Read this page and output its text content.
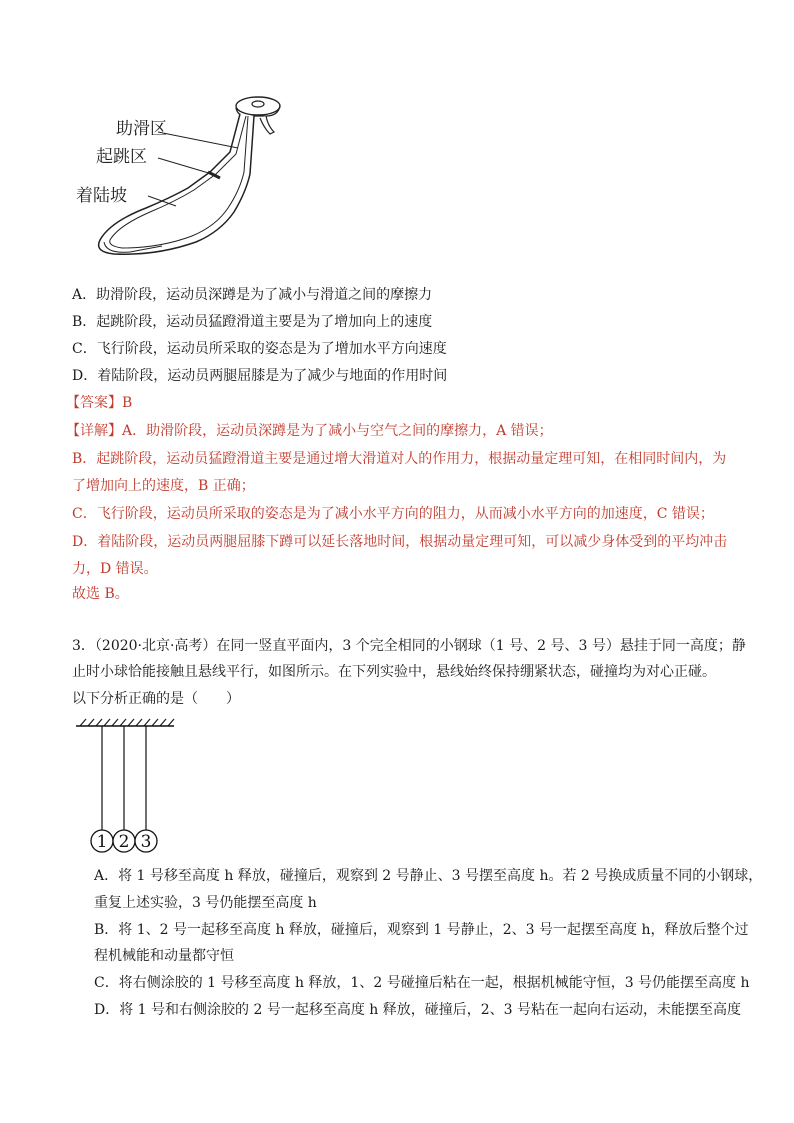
助滑区
起跳区
着陆坡
A．助滑阶段，运动员深蹲是为了减小与滑道之间的摩擦力
B．起跳阶段，运动员猛蹬滑道主要是为了增加向上的速度
C．飞行阶段，运动员所采取的姿态是为了增加水平方向速度
D．着陆阶段，运动员两腿屈膝是为了减少与地面的作用时间
【答案】B
【详解】A．助滑阶段，运动员深蹲是为了减小与空气之间的摩擦力，A 错误；
B．起跳阶段，运动员猛蹬滑道主要是通过增大滑道对人的作用力，根据动量定理可知，在相同时间内，为
了增加向上的速度，B 正确；
C．飞行阶段，运动员所采取的姿态是为了减小水平方向的阻力，从而减小水平方向的加速度，C 错误；
D．着陆阶段，运动员两腿屈膝下蹲可以延长落地时间，根据动量定理可知，可以减少身体受到的平均冲击
力，D 错误。
故选 B。
3．（2020·北京·高考）在同一竖直平面内，3 个完全相同的小钢球（1 号、2 号、3 号）悬挂于同一高度；静
止时小球恰能接触且悬线平行，如图所示。在下列实验中，悬线始终保持绷紧状态，碰撞均为对心正碰。
以下分析正确的是（　　）
1 2 3
A．将 1 号移至高度 h 释放，碰撞后，观察到 2 号静止、3 号摆至高度 h。若 2 号换成质量不同的小钢球，
重复上述实验，3 号仍能摆至高度 h
B．将 1、2 号一起移至高度 h 释放，碰撞后，观察到 1 号静止，2、3 号一起摆至高度 h，释放后整个过
程机械能和动量都守恒
C．将右侧涂胶的 1 号移至高度 h 释放，1、2 号碰撞后粘在一起，根据机械能守恒，3 号仍能摆至高度 h
D．将 1 号和右侧涂胶的 2 号一起移至高度 h 释放，碰撞后，2、3 号粘在一起向右运动，未能摆至高度
